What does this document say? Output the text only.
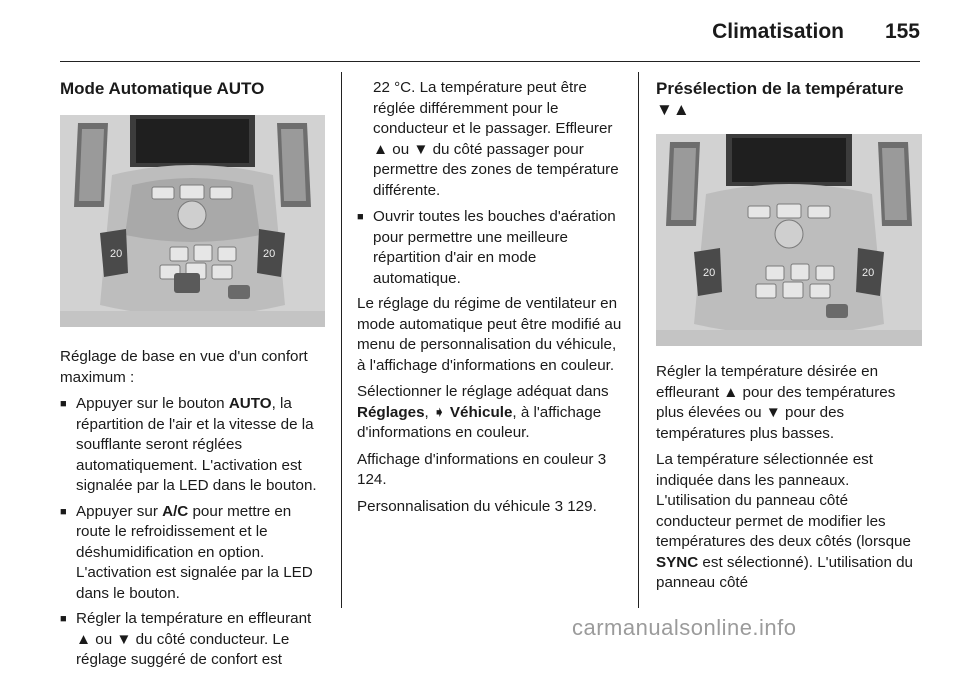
Climatisation 155
Mode Automatique AUTO
20	20

Réglage de base en vue d'un confort maximum :

■ Appuyer sur le bouton AUTO, la répartition de l'air et la vitesse de la soufflante seront réglées automatiquement. L'activation est signalée par la LED dans le bouton.
■ Appuyer sur A/C pour mettre en route le refroidissement et le déshumidification en option. L'activation est signalée par la LED dans le bouton.
■ Régler la température en effleurant ▲ ou ▼ du côté conducteur. Le réglage suggéré de confort est

22 °C. La température peut être réglée différemment pour le conducteur et le passager. Effleurer ▲ ou ▼ du côté passager pour permettre des zones de température différente.

■ Ouvrir toutes les bouches d'aération pour permettre une meilleure répartition d'air en mode automatique.

Le réglage du régime de ventilateur en mode automatique peut être modifié au menu de personnalisation du véhicule, à l'affichage d'informations en couleur.

Sélectionner le réglage adéquat dans Réglages, ➧ Véhicule, à l'affichage d'informations en couleur.

Affichage d'informations en couleur 3 124.

Personnalisation du véhicule 3 129.

Présélection de la température ▼▲
20	20

Régler la température désirée en effleurant ▲ pour des températures plus élevées ou ▼ pour des températures plus basses.

La température sélectionnée est indiquée dans les panneaux. L'utilisation du panneau côté conducteur permet de modifier les températures des deux côtés (lorsque SYNC est sélectionné). L'utilisation du panneau côté

carmanualsonline.info
